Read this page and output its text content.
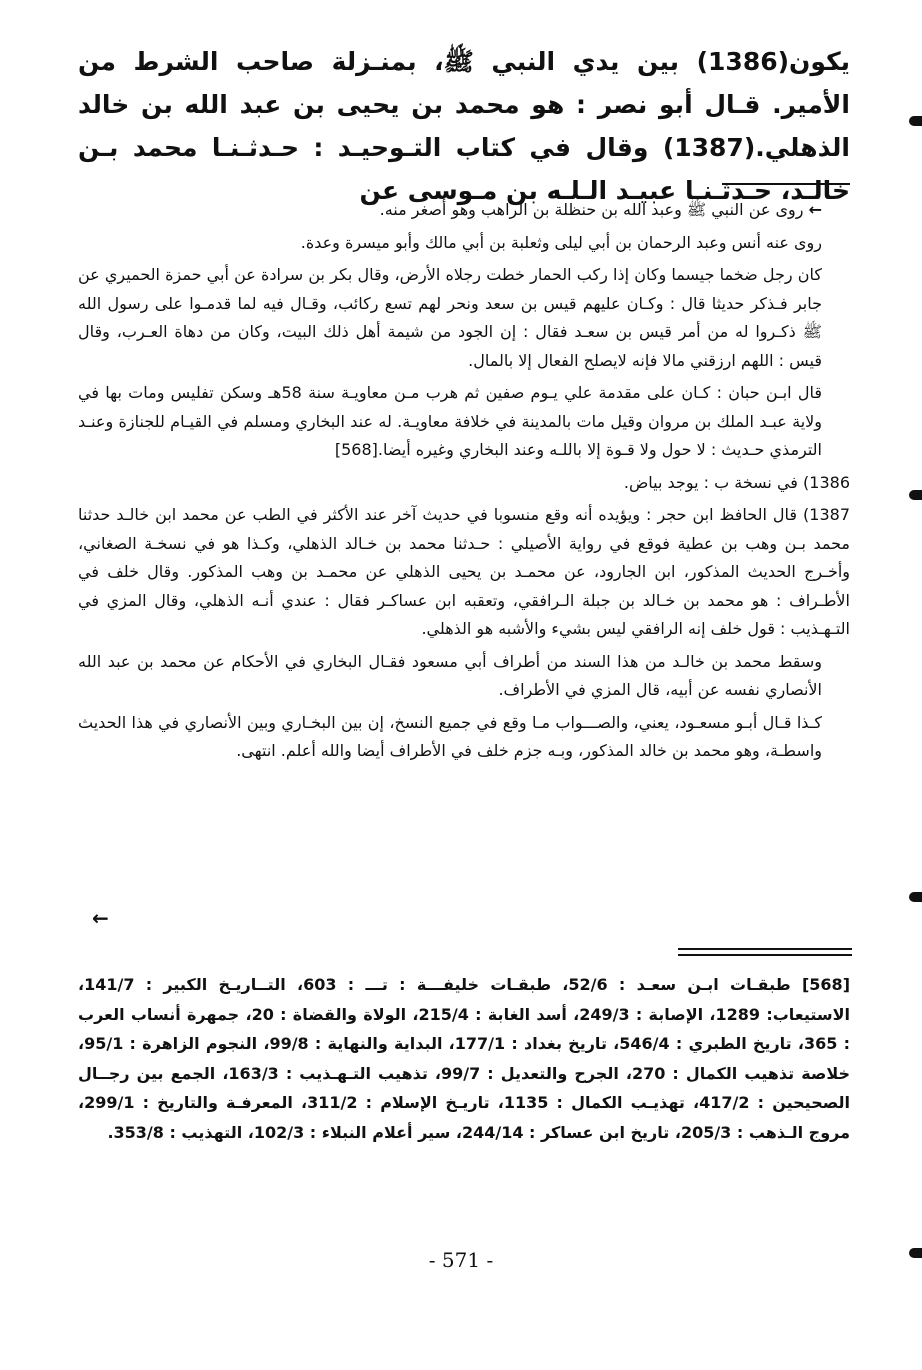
يكون(1386) بين يدي النبي ﷺ، بمنـزلة صاحب الشرط من الأمير. قـال أبو نصر : هو محمد بن يحيى بن عبد الله بن خالد الذهلي.(1387) وقال في كتاب التـوحيـد : حـدثـنـا محمد بـن خالـد، حـدثـنـا عبيـد الـلـه بن مـوسى عن

← روى عن النبي ﷺ وعبد الله بن حنظلة بن الراهب وهو أصغر منه.

روى عنه أنس وعبد الرحمان بن أبي ليلى وثعلبة بن أبي مالك وأبو ميسرة وعدة.

كان رجل ضخما جيسما وكان إذا ركب الحمار خطت رجلاه الأرض، وقال بكر بن سرادة عن أبي حمزة الحميري عن جابر فـذكر حديثا قال : وكـان عليهم قيس بن سعد ونحر لهم تسع ركائب، وقـال فيه لما قدمـوا على رسول الله ﷺ ذكـروا له من أمر قيس بن سعـد فقال : إن الجود من شيمة أهل ذلك البيت، وكان من دهاة العـرب، وقال قيس : اللهم ارزقني مالا فإنه لايصلح الفعال إلا بالمال.

قال ابـن حبان : كـان على مقدمة علي يـوم صفين ثم هرب مـن معاويـة سنة 58هـ وسكن تفليس ومات بها في ولاية عبـد الملك بن مروان وقيل مات بالمدينة في خلافة معاويـة. له عند البخاري ومسلم في القيـام للجنازة وعنـد الترمذي حـديث : لا حول ولا قـوة إلا باللـه وعند البخاري وغيره أيضا.[568]

1386) في نسخة ب : يوجد بياض.

1387) قال الحافظ ابن حجر : ويؤيده أنه وقع منسوبا في حديث آخر عند الأكثر في الطب عن محمد ابن خالـد حدثنا محمد بـن وهب بن عطية فوقع في رواية الأصيلي : حـدثنا محمد بن خـالد الذهلي، وكـذا هو في نسخـة الصغاني، وأخـرج الحديث المذكور، ابن الجارود، عن محمـد بن يحيى الذهلي عن محمـد بن وهب المذكور. وقال خلف في الأطـراف : هو محمد بن خـالد بن جبلة الـرافقي، وتعقبه ابن عساكـر فقال : عندي أنـه الذهلي، وقال المزي في التـهـذيب : قول خلف إنه الرافقي ليس بشيء والأشبه هو الذهلي.

وسقط محمد بن خالـد من هذا السند من أطراف أبي مسعود فقـال البخاري في الأحكام عن محمد بن عبد الله الأنصاري نفسه عن أبيه، قال المزي في الأطراف.

كـذا قـال أبـو مسعـود، يعني، والصـــواب مـا وقع في جميع النسخ، إن بين البخـاري وبين الأنصاري في هذا الحديث واسطـة، وهو محمد بن خالد المذكور، وبـه جزم خلف في الأطراف أيضا والله أعلم. انتهى.

←

[568] طبقـات ابـن سعـد : 52/6، طبقـات خليفـــة : تـــ : 603، التــاريـخ الكبير : 141/7، الاستيعاب: 1289، الإصابة : 249/3، أسد الغابة : 215/4، الولاة والقضاة : 20، جمهرة أنساب العرب : 365، تاريخ الطبري : 546/4، تاريخ بغداد : 177/1، البداية والنهاية : 99/8، النجوم الزاهرة : 95/1، خلاصة تذهيب الكمال : 270، الجرح والتعديل : 99/7، تذهيب التـهـذيب : 163/3، الجمع بين رجــال الصحيحين : 417/2، تهذيـب الكمال : 1135، تاريـخ الإسلام : 311/2، المعرفـة والتاريخ : 299/1، مروج الـذهب : 205/3، تاريخ ابن عساكر : 244/14، سير أعلام النبلاء : 102/3، التهذيب : 353/8.

- 571 -
